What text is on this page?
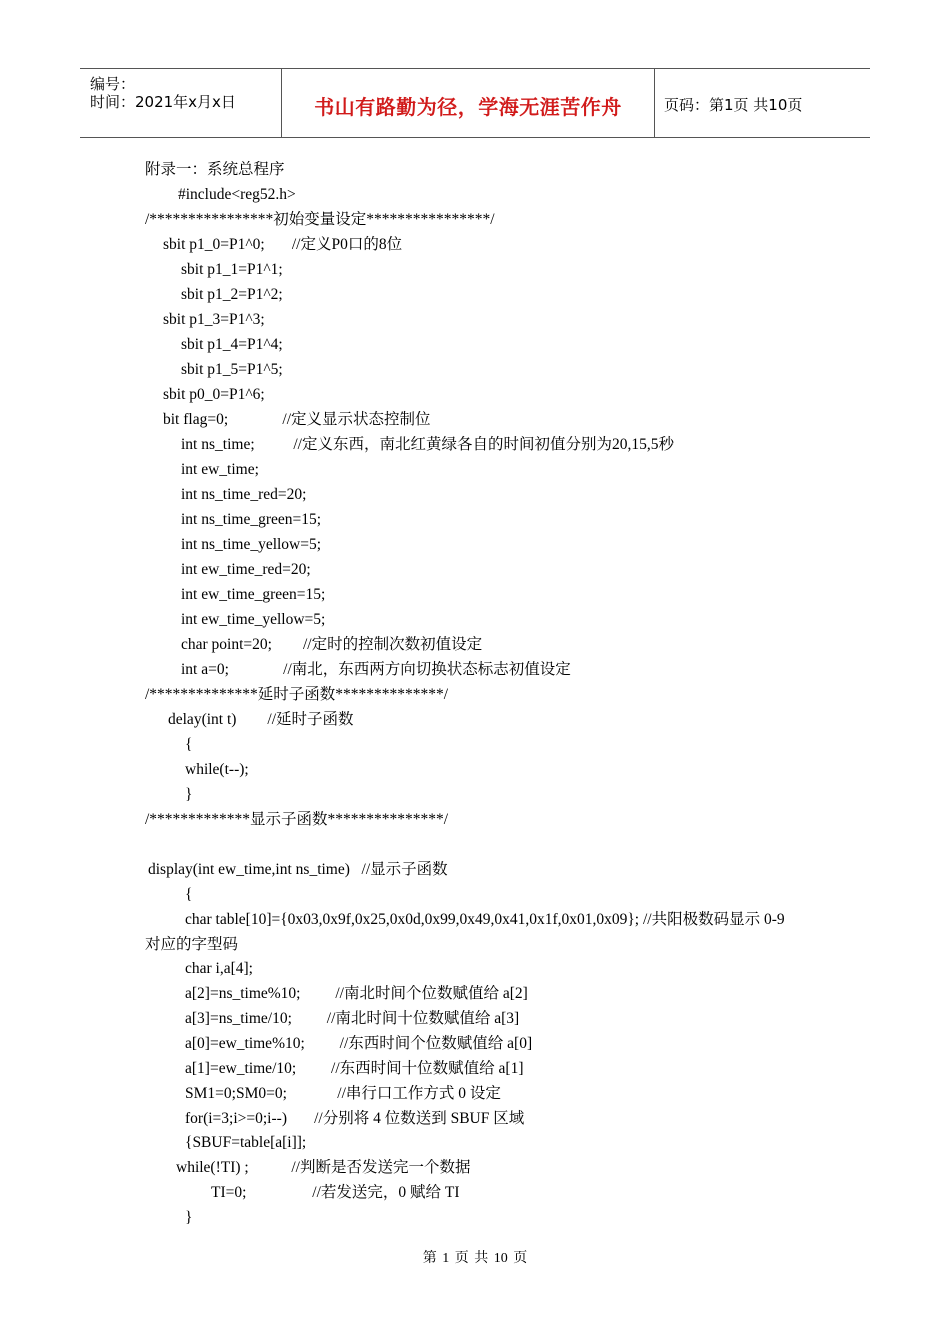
编号：
时间：2021年x月x日	书山有路勤为径，学海无涯苦作舟	页码：第1页 共10页
附录一：系统总程序
#include<reg52.h>
/****************初始变量设定****************/
sbit p1_0=P1^0;       //定义P0口的8位
sbit p1_1=P1^1;
sbit p1_2=P1^2;
sbit p1_3=P1^3;
sbit p1_4=P1^4;
sbit p1_5=P1^5;
sbit p0_0=P1^6;
bit flag=0;              //定义显示状态控制位
int ns_time;          //定义东西，南北红黄绿各自的时间初值分别为20,15,5秒
int ew_time;
int ns_time_red=20;
int ns_time_green=15;
int ns_time_yellow=5;
int ew_time_red=20;
int ew_time_green=15;
int ew_time_yellow=5;
char point=20;        //定时的控制次数初值设定
int a=0;              //南北，东西两方向切换状态标志初值设定
/**************延时子函数**************/
delay(int t)        //延时子函数
{
while(t--);
}
/*************显示子函数***************/
display(int ew_time,int ns_time)   //显示子函数
{
char table[10]={0x03,0x9f,0x25,0x0d,0x99,0x49,0x41,0x1f,0x01,0x09}; //共阳极数码显示 0-9
对应的字型码
char i,a[4];
a[2]=ns_time%10;         //南北时间个位数赋值给 a[2]
a[3]=ns_time/10;         //南北时间十位数赋值给 a[3]
a[0]=ew_time%10;         //东西时间个位数赋值给 a[0]
a[1]=ew_time/10;         //东西时间十位数赋值给 a[1]
SM1=0;SM0=0;             //串行口工作方式 0 设定
for(i=3;i>=0;i--)       //分别将 4 位数送到 SBUF 区域
{SBUF=table[a[i]];
while(!TI) ;           //判断是否发送完一个数据
TI=0;                 //若发送完，0 赋给 TI
}
第 1 页 共 10 页
